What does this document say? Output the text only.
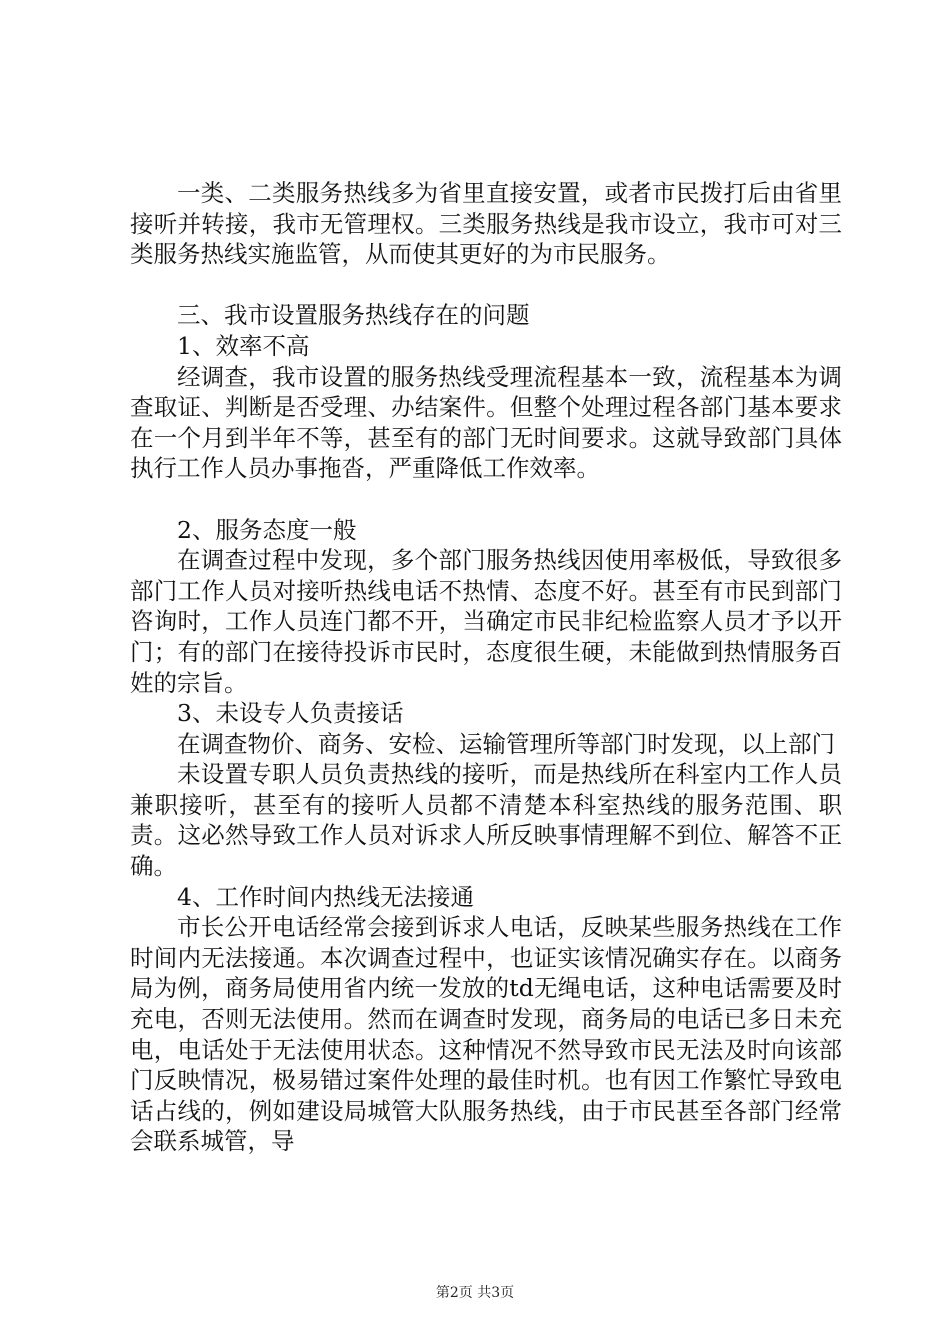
一类、二类服务热线多为省里直接安置，或者市民拨打后由省里接听并转接，我市无管理权。三类服务热线是我市设立，我市可对三类服务热线实施监管，从而使其更好的为市民服务。

三、我市设置服务热线存在的问题

1、效率不高

经调查，我市设置的服务热线受理流程基本一致，流程基本为调查取证、判断是否受理、办结案件。但整个处理过程各部门基本要求在一个月到半年不等，甚至有的部门无时间要求。这就导致部门具体执行工作人员办事拖沓，严重降低工作效率。

2、服务态度一般

在调查过程中发现，多个部门服务热线因使用率极低，导致很多部门工作人员对接听热线电话不热情、态度不好。甚至有市民到部门咨询时，工作人员连门都不开，当确定市民非纪检监察人员才予以开门；有的部门在接待投诉市民时，态度很生硬，未能做到热情服务百姓的宗旨。

3、未设专人负责接话

在调查物价、商务、安检、运输管理所等部门时发现，以上部门

未设置专职人员负责热线的接听，而是热线所在科室内工作人员兼职接听，甚至有的接听人员都不清楚本科室热线的服务范围、职责。这必然导致工作人员对诉求人所反映事情理解不到位、解答不正确。

4、工作时间内热线无法接通

市长公开电话经常会接到诉求人电话，反映某些服务热线在工作时间内无法接通。本次调查过程中，也证实该情况确实存在。以商务局为例，商务局使用省内统一发放的td无绳电话，这种电话需要及时充电，否则无法使用。然而在调查时发现，商务局的电话已多日未充电，电话处于无法使用状态。这种情况不然导致市民无法及时向该部门反映情况，极易错过案件处理的最佳时机。也有因工作繁忙导致电话占线的，例如建设局城管大队服务热线，由于市民甚至各部门经常会联系城管，导

第2页 共3页
